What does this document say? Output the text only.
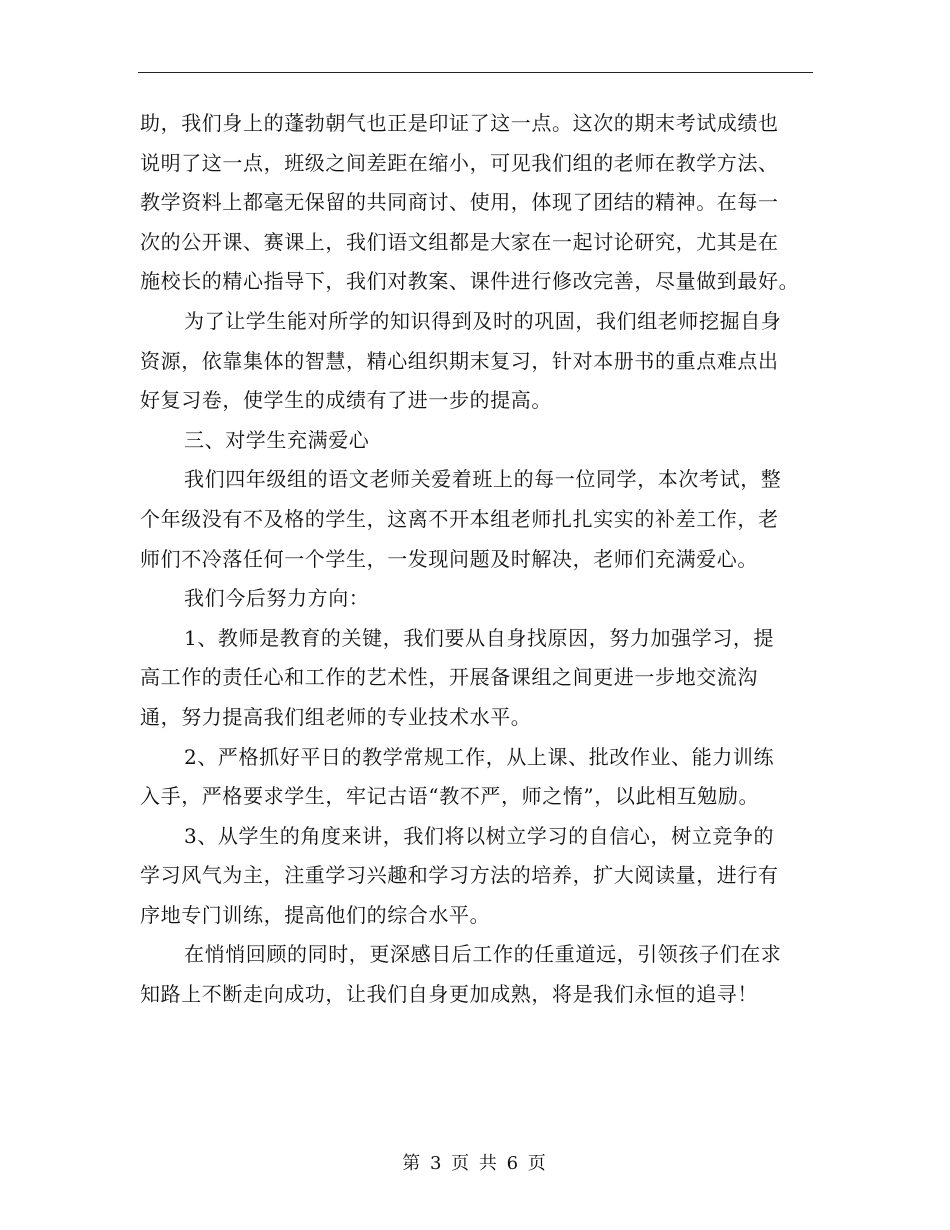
助，我们身上的蓬勃朝气也正是印证了这一点。这次的期末考试成绩也
说明了这一点，班级之间差距在缩小，可见我们组的老师在教学方法、
教学资料上都毫无保留的共同商讨、使用，体现了团结的精神。在每一
次的公开课、赛课上，我们语文组都是大家在一起讨论研究，尤其是在
施校长的精心指导下，我们对教案、课件进行修改完善，尽量做到最好。
为了让学生能对所学的知识得到及时的巩固，我们组老师挖掘自身
资源，依靠集体的智慧，精心组织期末复习，针对本册书的重点难点出
好复习卷，使学生的成绩有了进一步的提高。
三、对学生充满爱心
我们四年级组的语文老师关爱着班上的每一位同学，本次考试，整
个年级没有不及格的学生，这离不开本组老师扎扎实实的补差工作，老
师们不冷落任何一个学生，一发现问题及时解决，老师们充满爱心。
我们今后努力方向：
1、教师是教育的关键，我们要从自身找原因，努力加强学习，提
高工作的责任心和工作的艺术性，开展备课组之间更进一步地交流沟
通，努力提高我们组老师的专业技术水平。
2、严格抓好平日的教学常规工作，从上课、批改作业、能力训练
入手，严格要求学生，牢记古语“教不严，师之惰”，以此相互勉励。
3、从学生的角度来讲，我们将以树立学习的自信心，树立竞争的
学习风气为主，注重学习兴趣和学习方法的培养，扩大阅读量，进行有
序地专门训练，提高他们的综合水平。
在悄悄回顾的同时，更深感日后工作的任重道远，引领孩子们在求
知路上不断走向成功，让我们自身更加成熟，将是我们永恒的追寻！
第 3 页 共 6 页
